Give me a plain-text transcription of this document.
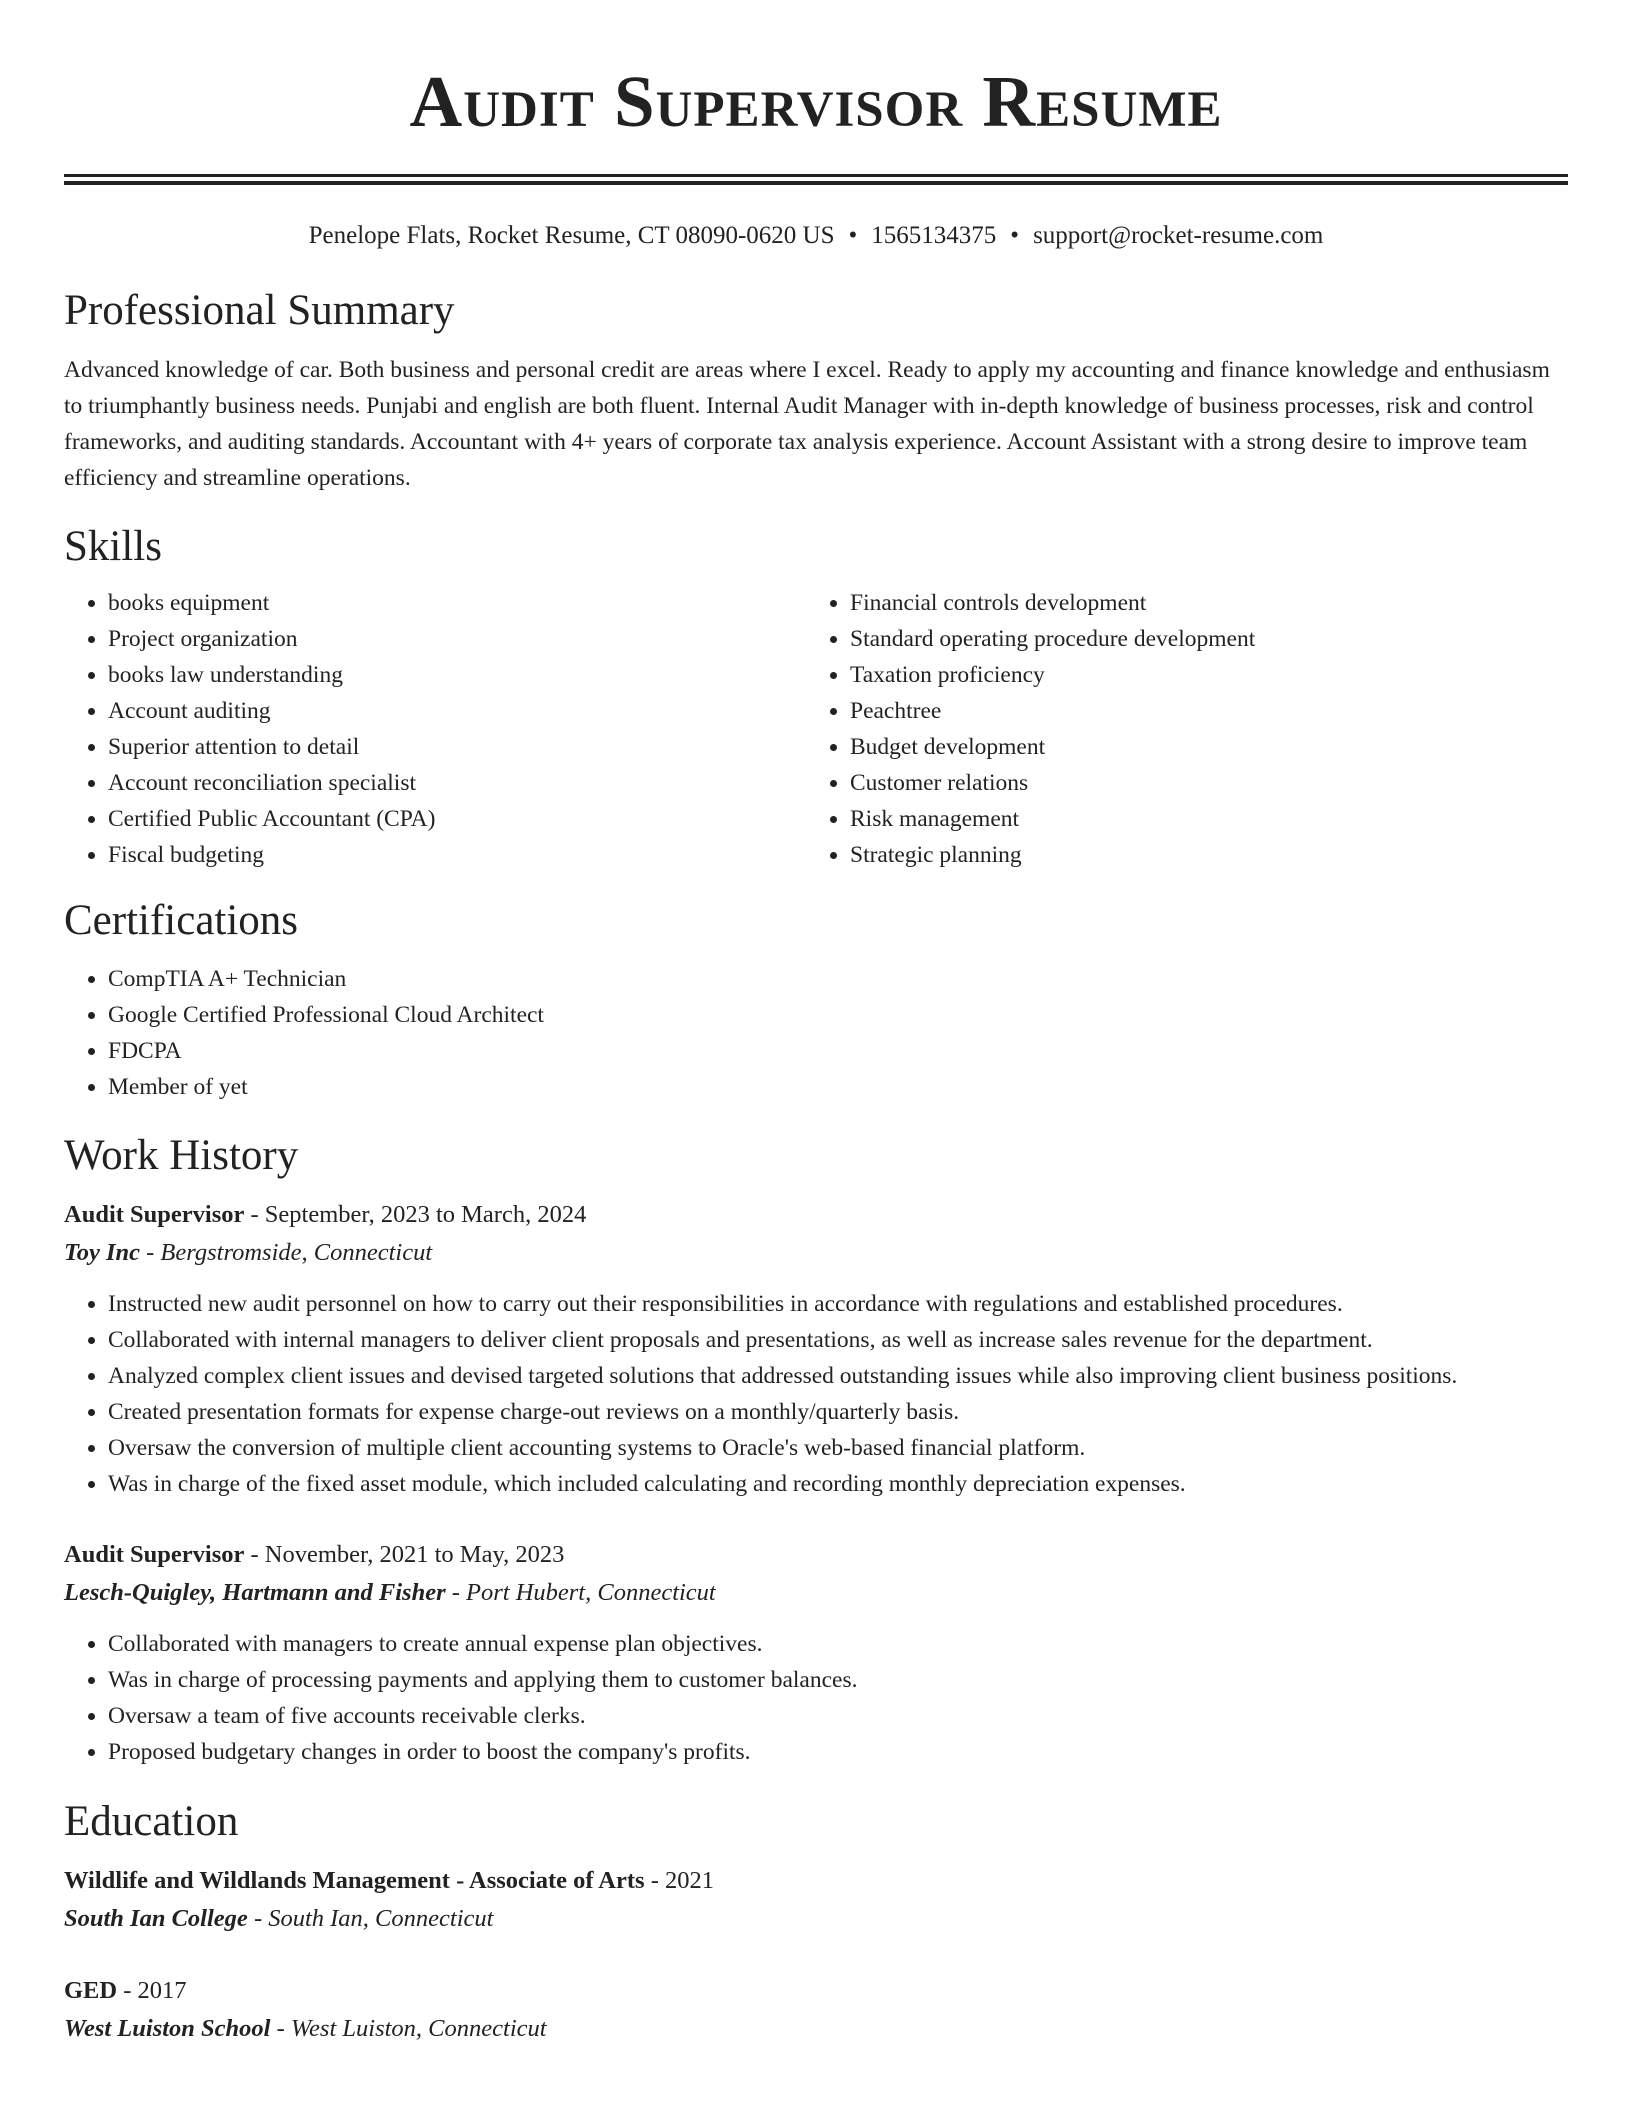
Audit Supervisor Resume
Penelope Flats, Rocket Resume, CT 08090-0620 US • 1565134375 • support@rocket-resume.com
Professional Summary
Advanced knowledge of car. Both business and personal credit are areas where I excel. Ready to apply my accounting and finance knowledge and enthusiasm to triumphantly business needs. Punjabi and english are both fluent. Internal Audit Manager with in-depth knowledge of business processes, risk and control frameworks, and auditing standards. Accountant with 4+ years of corporate tax analysis experience. Account Assistant with a strong desire to improve team efficiency and streamline operations.
Skills
• books equipment
• Project organization
• books law understanding
• Account auditing
• Superior attention to detail
• Account reconciliation specialist
• Certified Public Accountant (CPA)
• Fiscal budgeting
• Financial controls development
• Standard operating procedure development
• Taxation proficiency
• Peachtree
• Budget development
• Customer relations
• Risk management
• Strategic planning
Certifications
• CompTIA A+ Technician
• Google Certified Professional Cloud Architect
• FDCPA
• Member of yet
Work History
Audit Supervisor - September, 2023 to March, 2024
Toy Inc - Bergstromside, Connecticut
• Instructed new audit personnel on how to carry out their responsibilities in accordance with regulations and established procedures.
• Collaborated with internal managers to deliver client proposals and presentations, as well as increase sales revenue for the department.
• Analyzed complex client issues and devised targeted solutions that addressed outstanding issues while also improving client business positions.
• Created presentation formats for expense charge-out reviews on a monthly/quarterly basis.
• Oversaw the conversion of multiple client accounting systems to Oracle's web-based financial platform.
• Was in charge of the fixed asset module, which included calculating and recording monthly depreciation expenses.
Audit Supervisor - November, 2021 to May, 2023
Lesch-Quigley, Hartmann and Fisher - Port Hubert, Connecticut
• Collaborated with managers to create annual expense plan objectives.
• Was in charge of processing payments and applying them to customer balances.
• Oversaw a team of five accounts receivable clerks.
• Proposed budgetary changes in order to boost the company's profits.
Education
Wildlife and Wildlands Management - Associate of Arts - 2021
South Ian College - South Ian, Connecticut
GED - 2017
West Luiston School - West Luiston, Connecticut
